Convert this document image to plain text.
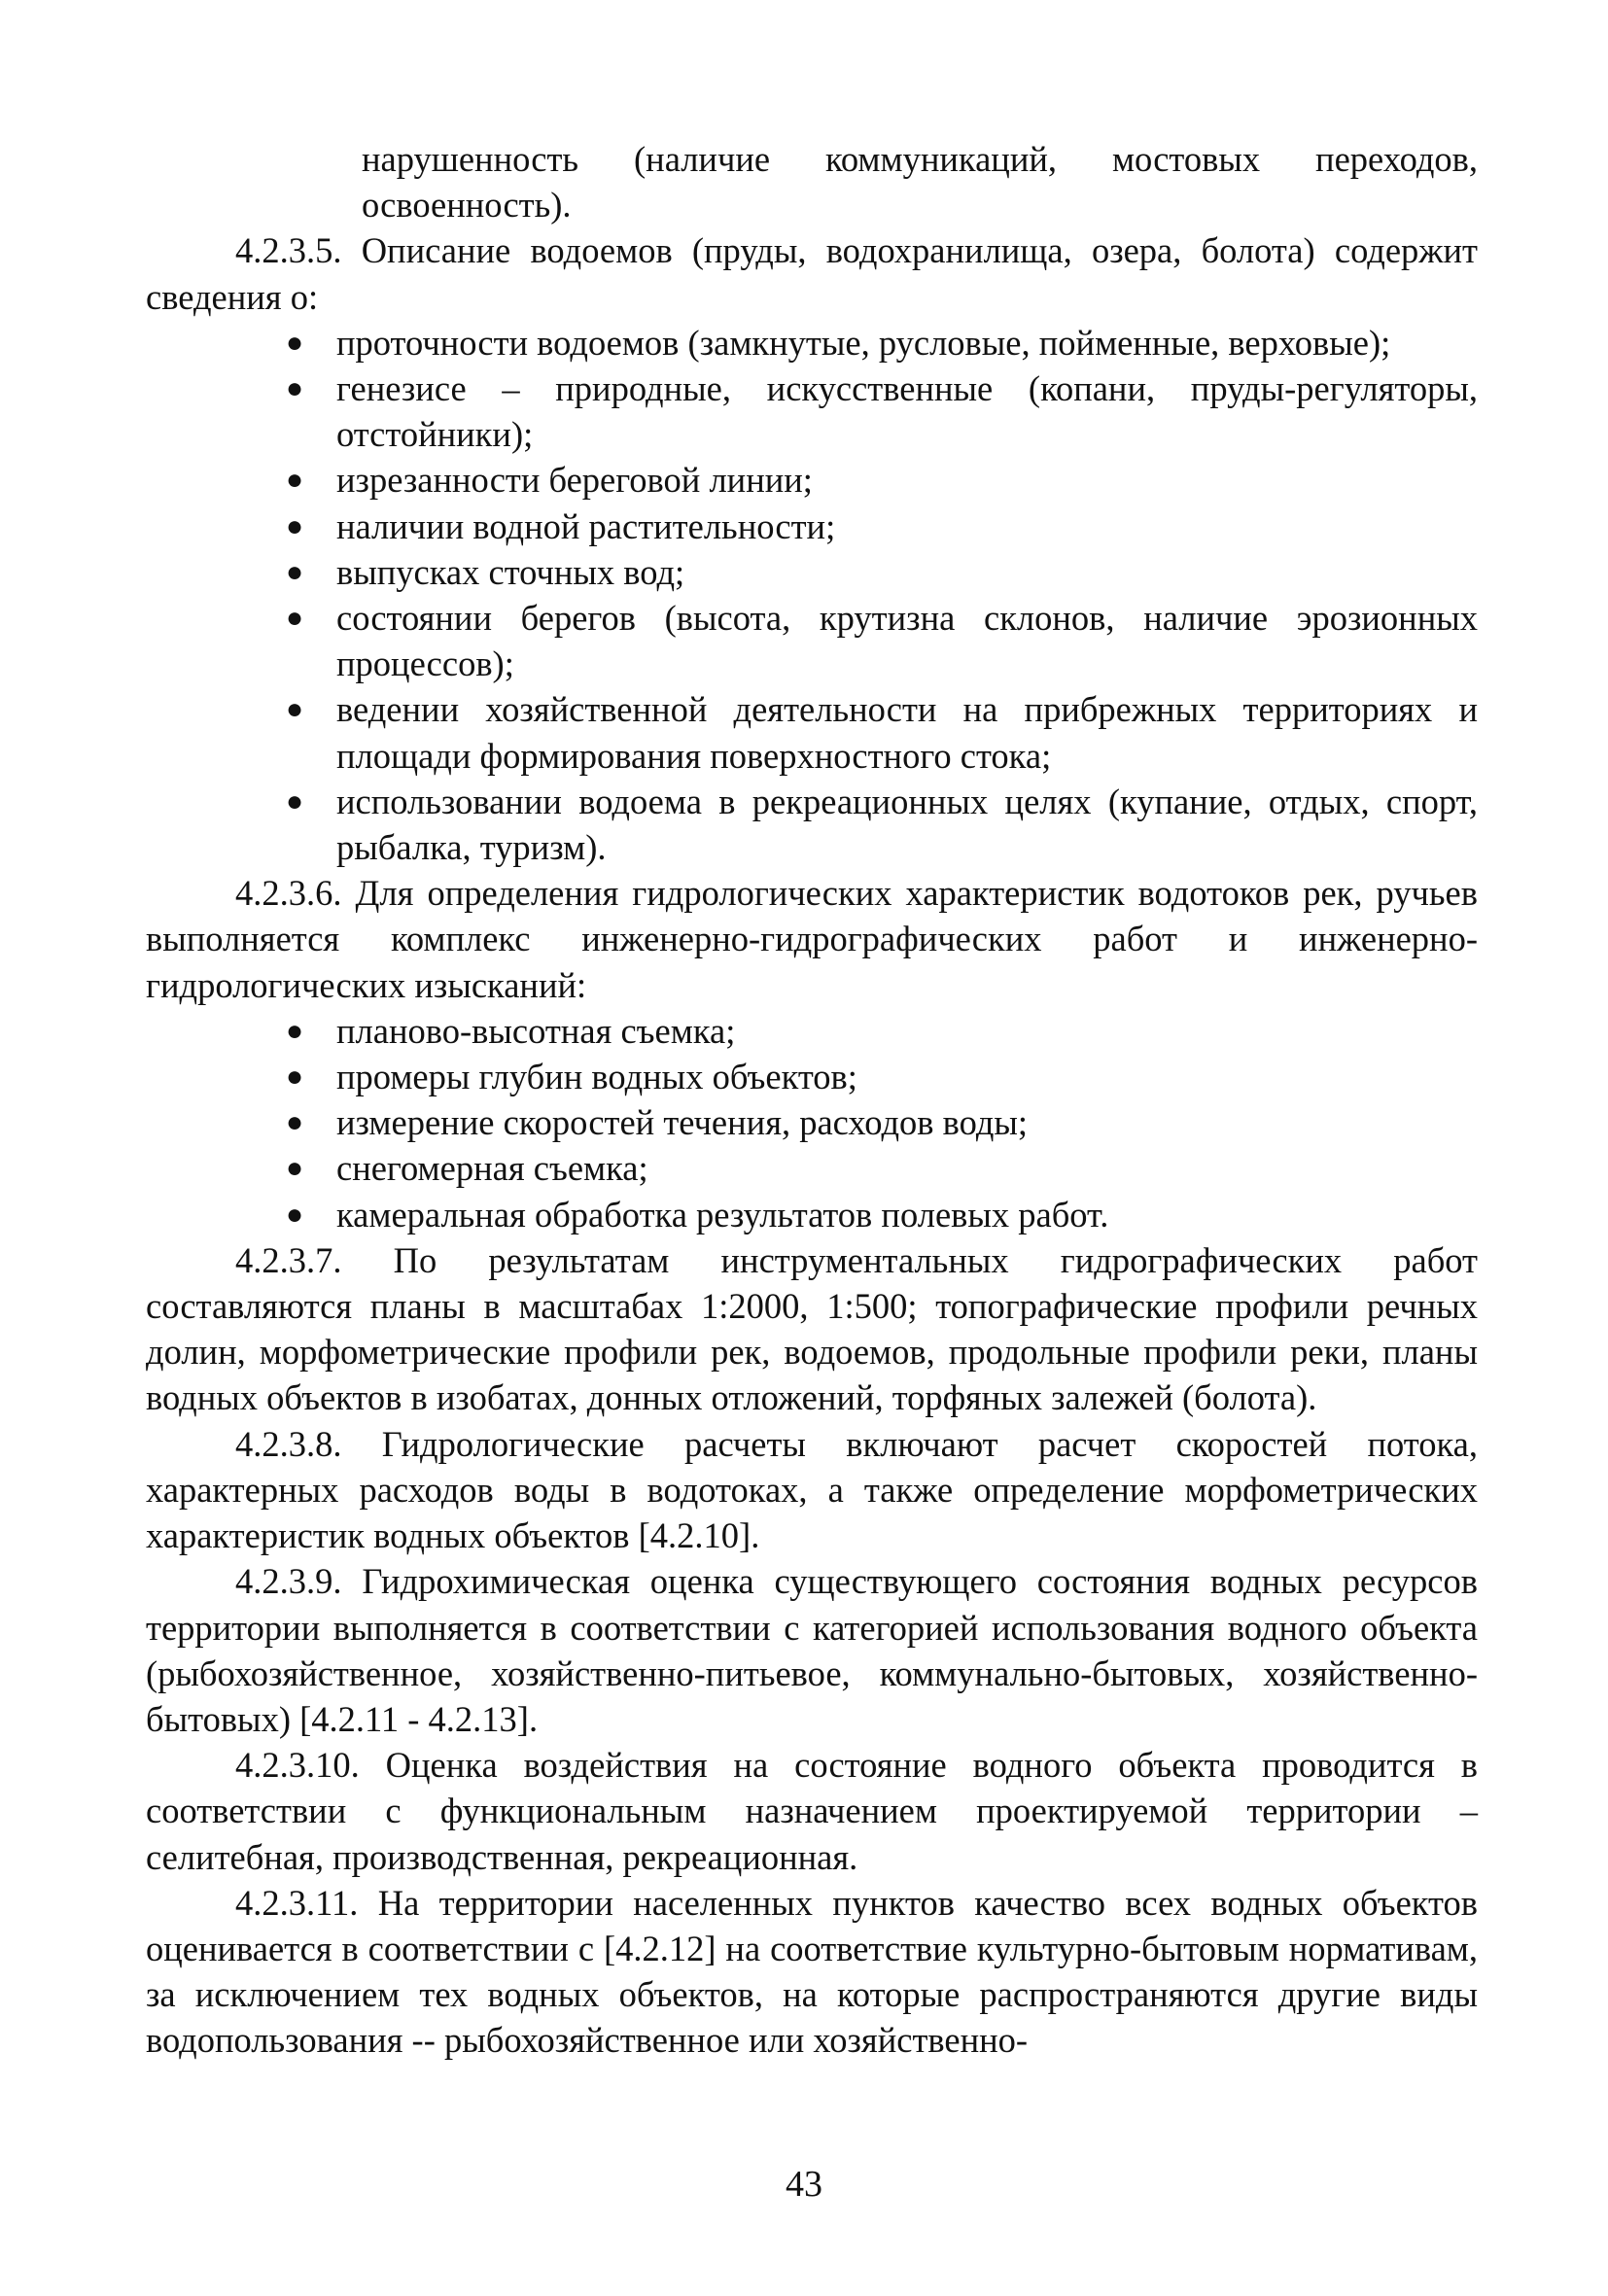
нарушенность (наличие коммуникаций, мостовых переходов, освоенность).

4.2.3.5. Описание водоемов (пруды, водохранилища, озера, болота) содержит сведения о:

● проточности водоемов (замкнутые, русловые, пойменные, верховые);
● генезисе – природные, искусственные (копани, пруды-регуляторы, отстойники);
● изрезанности береговой линии;
● наличии водной растительности;
● выпусках сточных вод;
● состоянии берегов (высота, крутизна склонов, наличие эрозионных процессов);
● ведении хозяйственной деятельности на прибрежных территориях и площади формирования поверхностного стока;
● использовании водоема в рекреационных целях (купание, отдых, спорт, рыбалка, туризм).

4.2.3.6. Для определения гидрологических характеристик водотоков рек, ручьев выполняется комплекс инженерно-гидрографических работ и инженерно-гидрологических изысканий:

● планово-высотная съемка;
● промеры глубин водных объектов;
● измерение скоростей течения, расходов воды;
● снегомерная съемка;
● камеральная обработка результатов полевых работ.

4.2.3.7. По результатам инструментальных гидрографических работ составляются планы в масштабах 1:2000, 1:500; топографические профили речных долин, морфометрические профили рек, водоемов, продольные профили реки, планы водных объектов в изобатах, донных отложений, торфяных залежей (болота).

4.2.3.8. Гидрологические расчеты включают расчет скоростей потока, характерных расходов воды в водотоках, а также определение морфометрических характеристик водных объектов [4.2.10].

4.2.3.9. Гидрохимическая оценка существующего состояния водных ресурсов территории выполняется в соответствии с категорией использования водного объекта (рыбохозяйственное, хозяйственно-питьевое, коммунально-бытовых, хозяйственно-бытовых) [4.2.11 - 4.2.13].

4.2.3.10. Оценка воздействия на состояние водного объекта проводится в соответствии с функциональным назначением проектируемой территории – селитебная, производственная, рекреационная.

4.2.3.11. На территории населенных пунктов качество всех водных объектов оценивается в соответствии с [4.2.12] на соответствие культурно-бытовым нормативам, за исключением тех водных объектов, на которые распространяются другие виды водопользования -- рыбохозяйственное или хозяйственно-

43
